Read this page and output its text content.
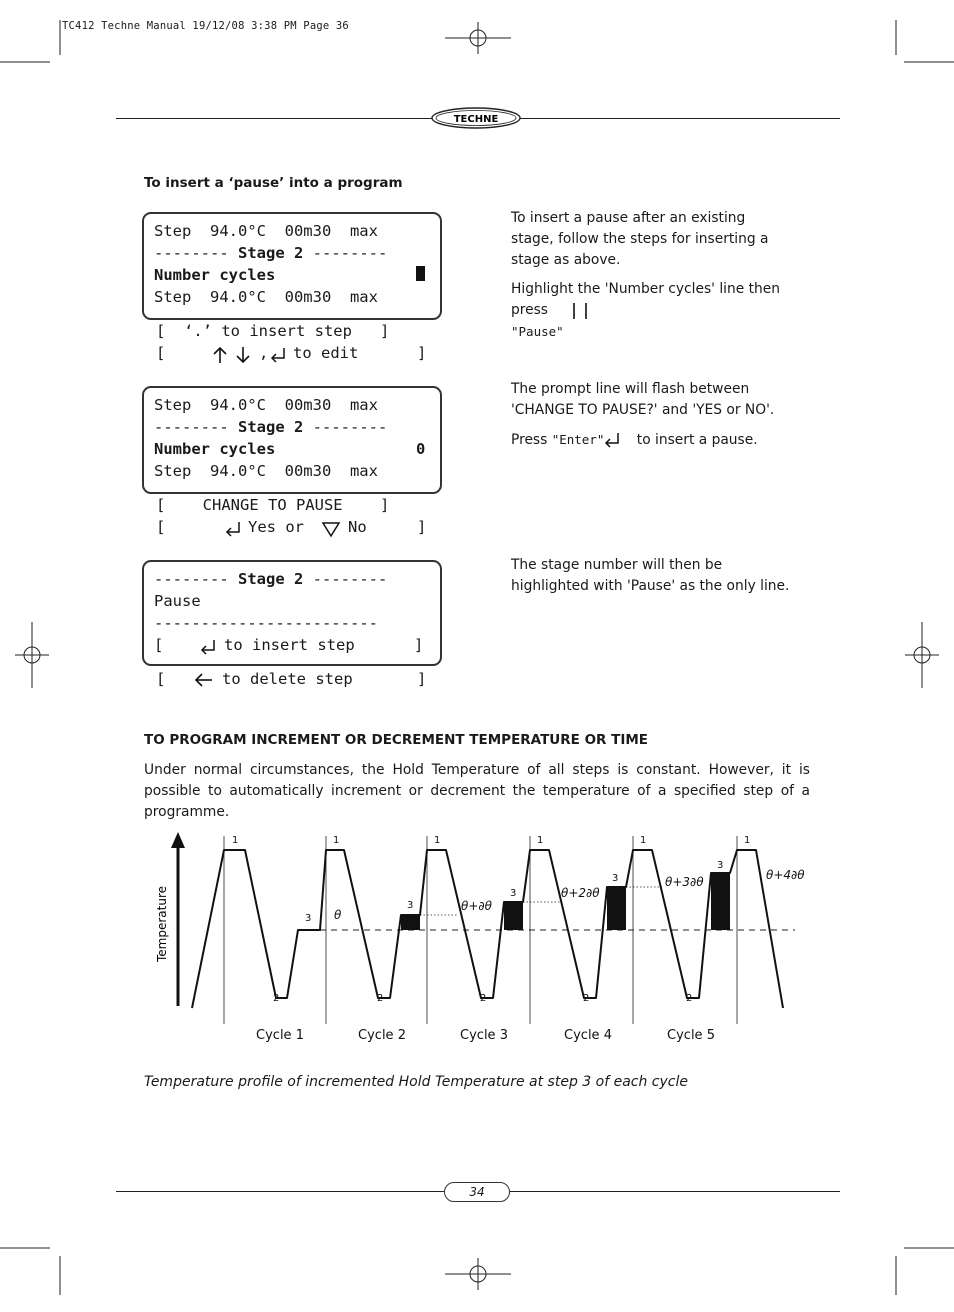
TC412 Techne Manual 19/12/08 3:38 PM Page 36
TECHNE
To insert a ‘pause’ into a program
Step  94.0°C  00m30  max
-------- Stage 2 --------
Number cycles
Step  94.0°C  00m30  max
[  ‘.’ to insert step   ]
[	, to edit	]
Step  94.0°C  00m30  max
-------- Stage 2 --------
Number cycles	0
Step  94.0°C  00m30  max
[    CHANGE TO PAUSE    ]
[	Yes or	No	]
-------- Stage 2 --------
Pause
------------------------
[	to insert step	]
[	to delete step	]
To insert a pause after an existing stage, follow the steps for inserting a stage as above.
Highlight the 'Number cycles' line then press
"Pause"
The prompt line will flash between 'CHANGE TO PAUSE?' and 'YES or NO'.
Press "Enter" to insert a pause.
The stage number will then be highlighted with 'Pause' as the only line.
TO PROGRAM INCREMENT OR DECREMENT TEMPERATURE OR TIME
Under normal circumstances, the Hold Temperature of all steps is constant. However, it is possible to automatically increment or decrement the temperature of a specified step of a programme.
Temperature
1	1	1	1	1	1
2	2	2	2	2
3
3
3
3
3
θ
θ+∂θ
θ+2∂θ
θ+3∂θ	θ+4∂θ
Cycle 1	Cycle 2	Cycle 3	Cycle 4	Cycle 5
Temperature profile of incremented Hold Temperature at step 3 of each cycle
34
